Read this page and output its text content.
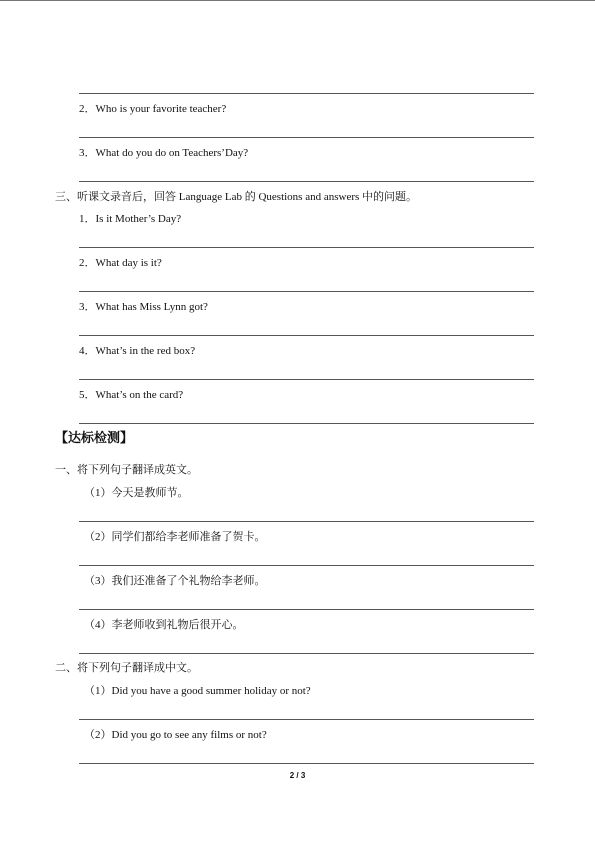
2．Who is your favorite teacher?
3．What do you do on Teachers’Day?
三、听课文录音后，回答 Language Lab 的 Questions and answers 中的问题。
1．Is it Mother’s Day?
2．What day is it?
3．What has Miss Lynn got?
4．What’s in the red box?
5．What’s on the card?
【达标检测】
一、将下列句子翻译成英文。
（1）今天是教师节。
（2）同学们都给李老师准备了贺卡。
（3）我们还准备了个礼物给李老师。
（4）李老师收到礼物后很开心。
二、将下列句子翻译成中文。
（1）Did you have a good summer holiday or not?
（2）Did you go to see any films or not?
2 / 3
